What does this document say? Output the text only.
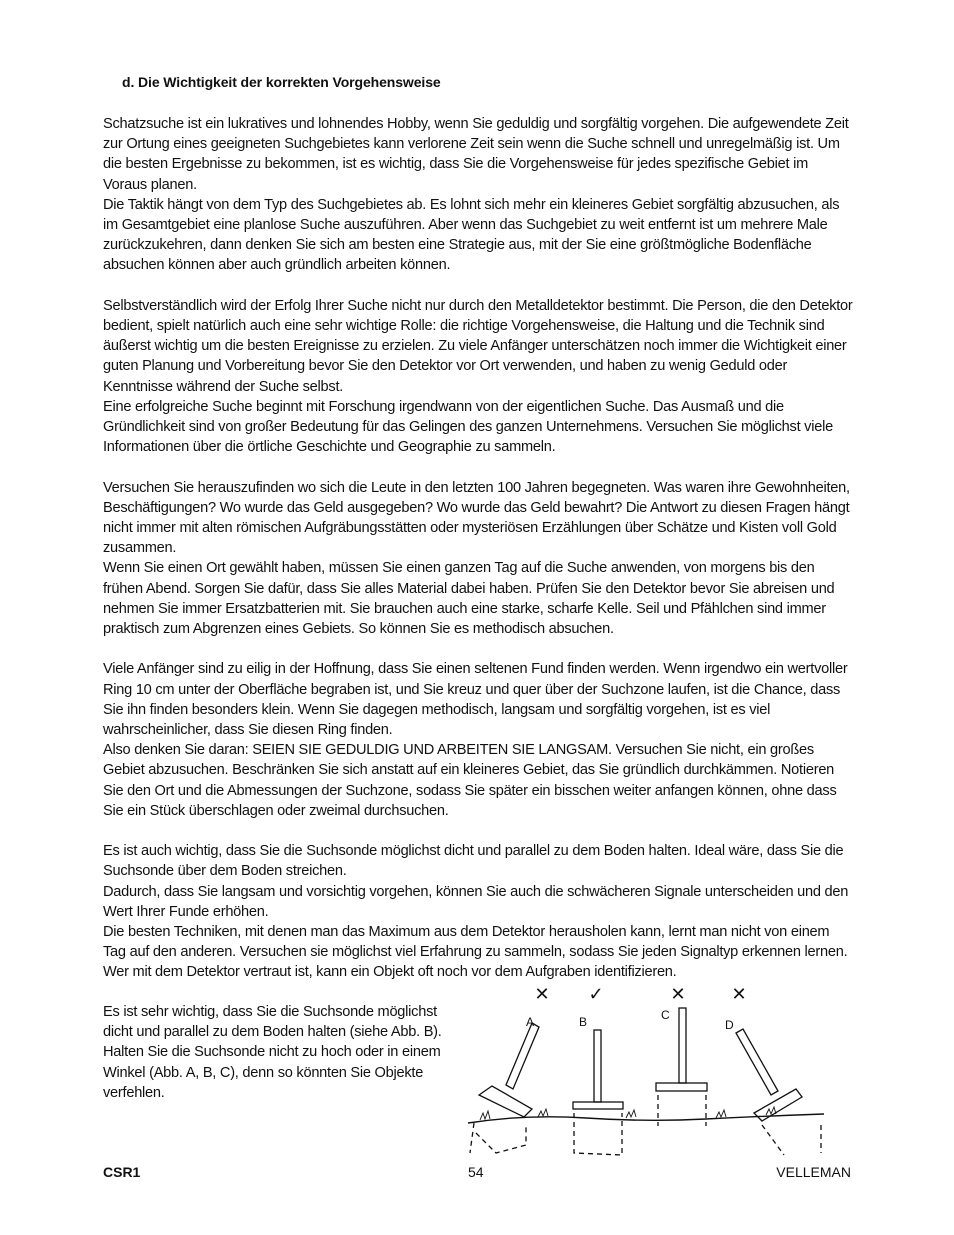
d. Die Wichtigkeit der korrekten Vorgehensweise

Schatzsuche ist ein lukratives und lohnendes Hobby, wenn Sie geduldig und sorgfältig vorgehen. Die aufgewendete Zeit zur Ortung eines geeigneten Suchgebietes kann verlorene Zeit sein wenn die Suche schnell und unregelmäßig ist. Um die besten Ergebnisse zu bekommen, ist es wichtig, dass Sie die Vorgehensweise für jedes spezifische Gebiet im Voraus planen.

Die Taktik hängt von dem Typ des Suchgebietes ab. Es lohnt sich mehr ein kleineres Gebiet sorgfältig abzusuchen, als im Gesamtgebiet eine planlose Suche auszuführen. Aber wenn das Suchgebiet zu weit entfernt ist um mehrere Male zurückzukehren, dann denken Sie sich am besten eine Strategie aus, mit der Sie eine größtmögliche Bodenfläche absuchen können aber auch gründlich arbeiten können.

Selbstverständlich wird der Erfolg Ihrer Suche nicht nur durch den Metalldetektor bestimmt. Die Person, die den Detektor bedient, spielt natürlich auch eine sehr wichtige Rolle: die richtige Vorgehensweise, die Haltung und die Technik sind äußerst wichtig um die besten Ereignisse zu erzielen. Zu viele Anfänger unterschätzen noch immer die Wichtigkeit einer guten Planung und Vorbereitung bevor Sie den Detektor vor Ort verwenden, und haben zu wenig Geduld oder Kenntnisse während der Suche selbst.

Eine erfolgreiche Suche beginnt mit Forschung irgendwann von der eigentlichen Suche. Das Ausmaß und die Gründlichkeit sind von großer Bedeutung für das Gelingen des ganzen Unternehmens. Versuchen Sie möglichst viele Informationen über die örtliche Geschichte und Geographie zu sammeln.

Versuchen Sie herauszufinden wo sich die Leute in den letzten 100 Jahren begegneten. Was waren ihre Gewohnheiten, Beschäftigungen? Wo wurde das Geld ausgegeben? Wo wurde das Geld bewahrt? Die Antwort zu diesen Fragen hängt nicht immer mit alten römischen Aufgräbungsstätten oder mysteriösen Erzählungen über Schätze und Kisten voll Gold zusammen.

Wenn Sie einen Ort gewählt haben, müssen Sie einen ganzen Tag auf die Suche anwenden, von morgens bis den frühen Abend. Sorgen Sie dafür, dass Sie alles Material dabei haben. Prüfen Sie den Detektor bevor Sie abreisen und nehmen Sie immer Ersatzbatterien mit. Sie brauchen auch eine starke, scharfe Kelle. Seil und Pfählchen sind immer praktisch zum Abgrenzen eines Gebiets. So können Sie es methodisch absuchen.

Viele Anfänger sind zu eilig in der Hoffnung, dass Sie einen seltenen Fund finden werden. Wenn irgendwo ein wertvoller Ring 10 cm unter der Oberfläche begraben ist, und Sie kreuz und quer über der Suchzone laufen, ist die Chance, dass Sie ihn finden besonders klein. Wenn Sie dagegen methodisch, langsam und sorgfältig vorgehen, ist es viel wahrscheinlicher, dass Sie diesen Ring finden.

Also denken Sie daran: SEIEN SIE GEDULDIG UND ARBEITEN SIE LANGSAM. Versuchen Sie nicht, ein großes Gebiet abzusuchen. Beschränken Sie sich anstatt auf ein kleineres Gebiet, das Sie gründlich durchkämmen. Notieren Sie den Ort und die Abmessungen der Suchzone, sodass Sie später ein bisschen weiter anfangen können, ohne dass Sie ein Stück überschlagen oder zweimal durchsuchen.

Es ist auch wichtig, dass Sie die Suchsonde möglichst dicht und parallel zu dem Boden halten. Ideal wäre, dass Sie die Suchsonde über dem Boden streichen.

Dadurch, dass Sie langsam und vorsichtig vorgehen, können Sie auch die schwächeren Signale unterscheiden und den Wert Ihrer Funde erhöhen.

Die besten Techniken, mit denen man das Maximum aus dem Detektor herausholen kann, lernt man nicht von einem Tag auf den anderen. Versuchen sie möglichst viel Erfahrung zu sammeln, sodass Sie jeden Signaltyp erkennen lernen. Wer mit dem Detektor vertraut ist, kann ein Objekt oft noch vor dem Aufgraben identifizieren.

Es ist sehr wichtig, dass Sie die Suchsonde möglichst dicht und parallel zu dem Boden halten (siehe Abb. B). Halten Sie die Suchsonde nicht zu hoch oder in einem Winkel (Abb. A, B, C), denn so könnten Sie Objekte verfehlen.
✕ ✓	✕	✕
A	B	C
D
CSR1	54	VELLEMAN
